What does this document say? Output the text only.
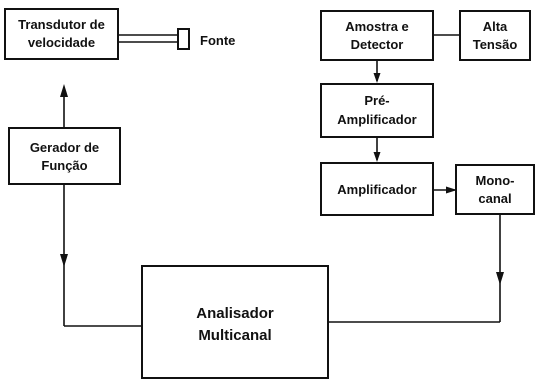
Fonte
Transdutor de
velocidade
Gerador de
Função
Amostra e
Detector
Alta
Tensão
Pré-
Amplificador
Amplificador
Mono-
canal
Analisador
Multicanal
